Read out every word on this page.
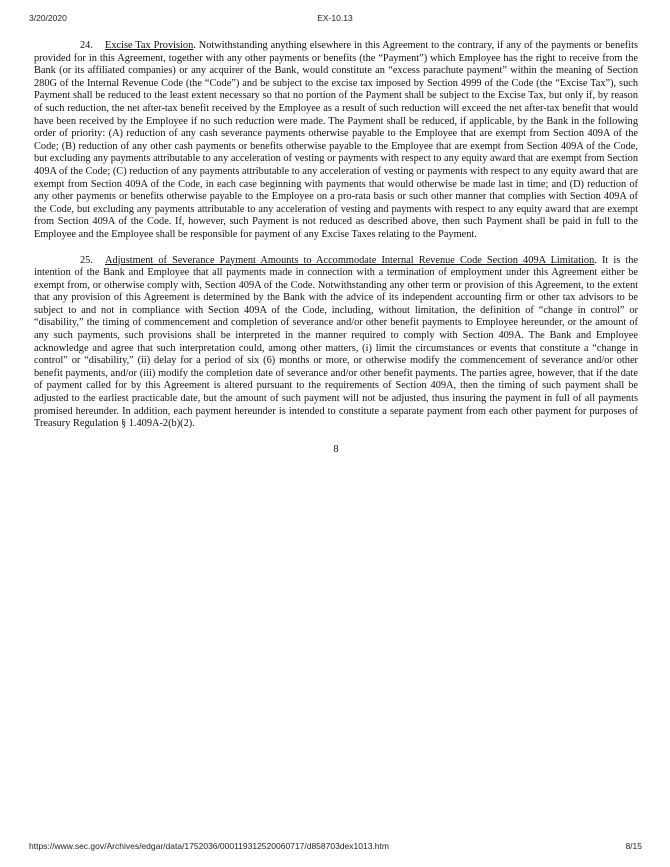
3/20/2020	EX-10.13

24. Excise Tax Provision. Notwithstanding anything elsewhere in this Agreement to the contrary, if any of the payments or benefits provided for in this Agreement, together with any other payments or benefits (the “Payment”) which Employee has the right to receive from the Bank (or its affiliated companies) or any acquirer of the Bank, would constitute an “excess parachute payment” within the meaning of Section 280G of the Internal Revenue Code (the “Code”) and be subject to the excise tax imposed by Section 4999 of the Code (the “Excise Tax”), such Payment shall be reduced to the least extent necessary so that no portion of the Payment shall be subject to the Excise Tax, but only if, by reason of such reduction, the net after-tax benefit received by the Employee as a result of such reduction will exceed the net after-tax benefit that would have been received by the Employee if no such reduction were made. The Payment shall be reduced, if applicable, by the Bank in the following order of priority: (A) reduction of any cash severance payments otherwise payable to the Employee that are exempt from Section 409A of the Code; (B) reduction of any other cash payments or benefits otherwise payable to the Employee that are exempt from Section 409A of the Code, but excluding any payments attributable to any acceleration of vesting or payments with respect to any equity award that are exempt from Section 409A of the Code; (C) reduction of any payments attributable to any acceleration of vesting or payments with respect to any equity award that are exempt from Section 409A of the Code, in each case beginning with payments that would otherwise be made last in time; and (D) reduction of any other payments or benefits otherwise payable to the Employee on a pro-rata basis or such other manner that complies with Section 409A of the Code, but excluding any payments attributable to any acceleration of vesting and payments with respect to any equity award that are exempt from Section 409A of the Code. If, however, such Payment is not reduced as described above, then such Payment shall be paid in full to the Employee and the Employee shall be responsible for payment of any Excise Taxes relating to the Payment.

25. Adjustment of Severance Payment Amounts to Accommodate Internal Revenue Code Section 409A Limitation. It is the intention of the Bank and Employee that all payments made in connection with a termination of employment under this Agreement either be exempt from, or otherwise comply with, Section 409A of the Code. Notwithstanding any other term or provision of this Agreement, to the extent that any provision of this Agreement is determined by the Bank with the advice of its independent accounting firm or other tax advisors to be subject to and not in compliance with Section 409A of the Code, including, without limitation, the definition of “change in control” or “disability,” the timing of commencement and completion of severance and/or other benefit payments to Employee hereunder, or the amount of any such payments, such provisions shall be interpreted in the manner required to comply with Section 409A. The Bank and Employee acknowledge and agree that such interpretation could, among other matters, (i) limit the circumstances or events that constitute a “change in control” or “disability,” (ii) delay for a period of six (6) months or more, or otherwise modify the commencement of severance and/or other benefit payments, and/or (iii) modify the completion date of severance and/or other benefit payments. The parties agree, however, that if the date of payment called for by this Agreement is altered pursuant to the requirements of Section 409A, then the timing of such payment shall be adjusted to the earliest practicable date, but the amount of such payment will not be adjusted, thus insuring the payment in full of all payments promised hereunder. In addition, each payment hereunder is intended to constitute a separate payment from each other payment for purposes of Treasury Regulation § 1.409A-2(b)(2).

8
https://www.sec.gov/Archives/edgar/data/1752036/000119312520060717/d858703dex1013.htm	8/15
